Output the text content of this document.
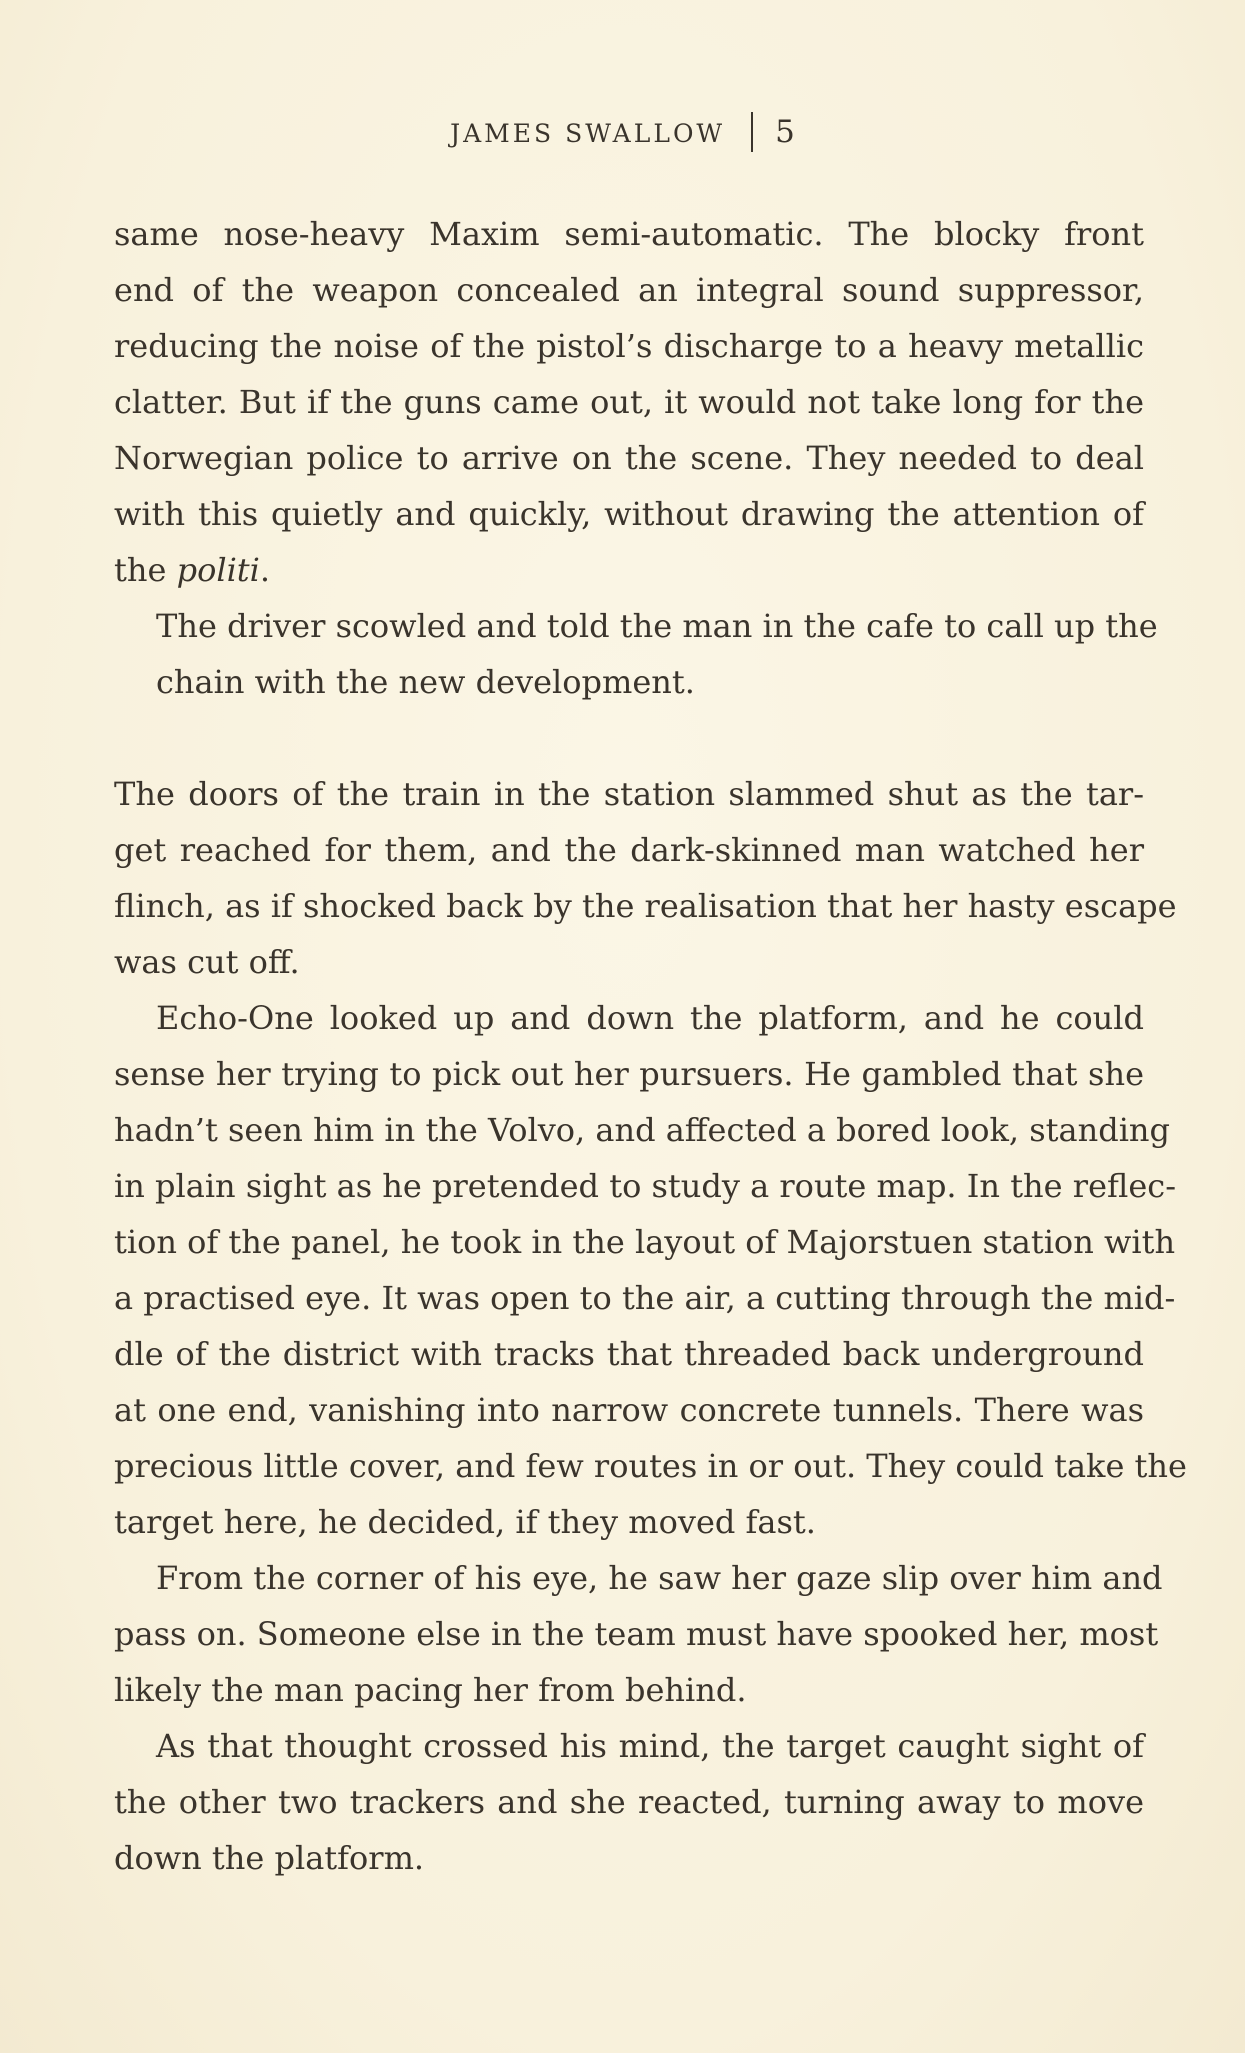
JAMES SWALLOW 5

same nose-heavy Maxim semi-automatic. The blocky front
end of the weapon concealed an integral sound suppressor,
reducing the noise of the pistol’s discharge to a heavy metallic
clatter. But if the guns came out, it would not take long for the
Norwegian police to arrive on the scene. They needed to deal
with this quietly and quickly, without drawing the attention of
the politi.

The driver scowled and told the man in the cafe to call up the
chain with the new development.

The doors of the train in the station slammed shut as the tar-
get reached for them, and the dark-skinned man watched her
flinch, as if shocked back by the realisation that her hasty escape
was cut off.

Echo-One looked up and down the platform, and he could
sense her trying to pick out her pursuers. He gambled that she
hadn’t seen him in the Volvo, and affected a bored look, standing
in plain sight as he pretended to study a route map. In the reflec-
tion of the panel, he took in the layout of Majorstuen station with
a practised eye. It was open to the air, a cutting through the mid-
dle of the district with tracks that threaded back underground
at one end, vanishing into narrow concrete tunnels. There was
precious little cover, and few routes in or out. They could take the
target here, he decided, if they moved fast.

From the corner of his eye, he saw her gaze slip over him and
pass on. Someone else in the team must have spooked her, most
likely the man pacing her from behind.

As that thought crossed his mind, the target caught sight of
the other two trackers and she reacted, turning away to move
down the platform.
